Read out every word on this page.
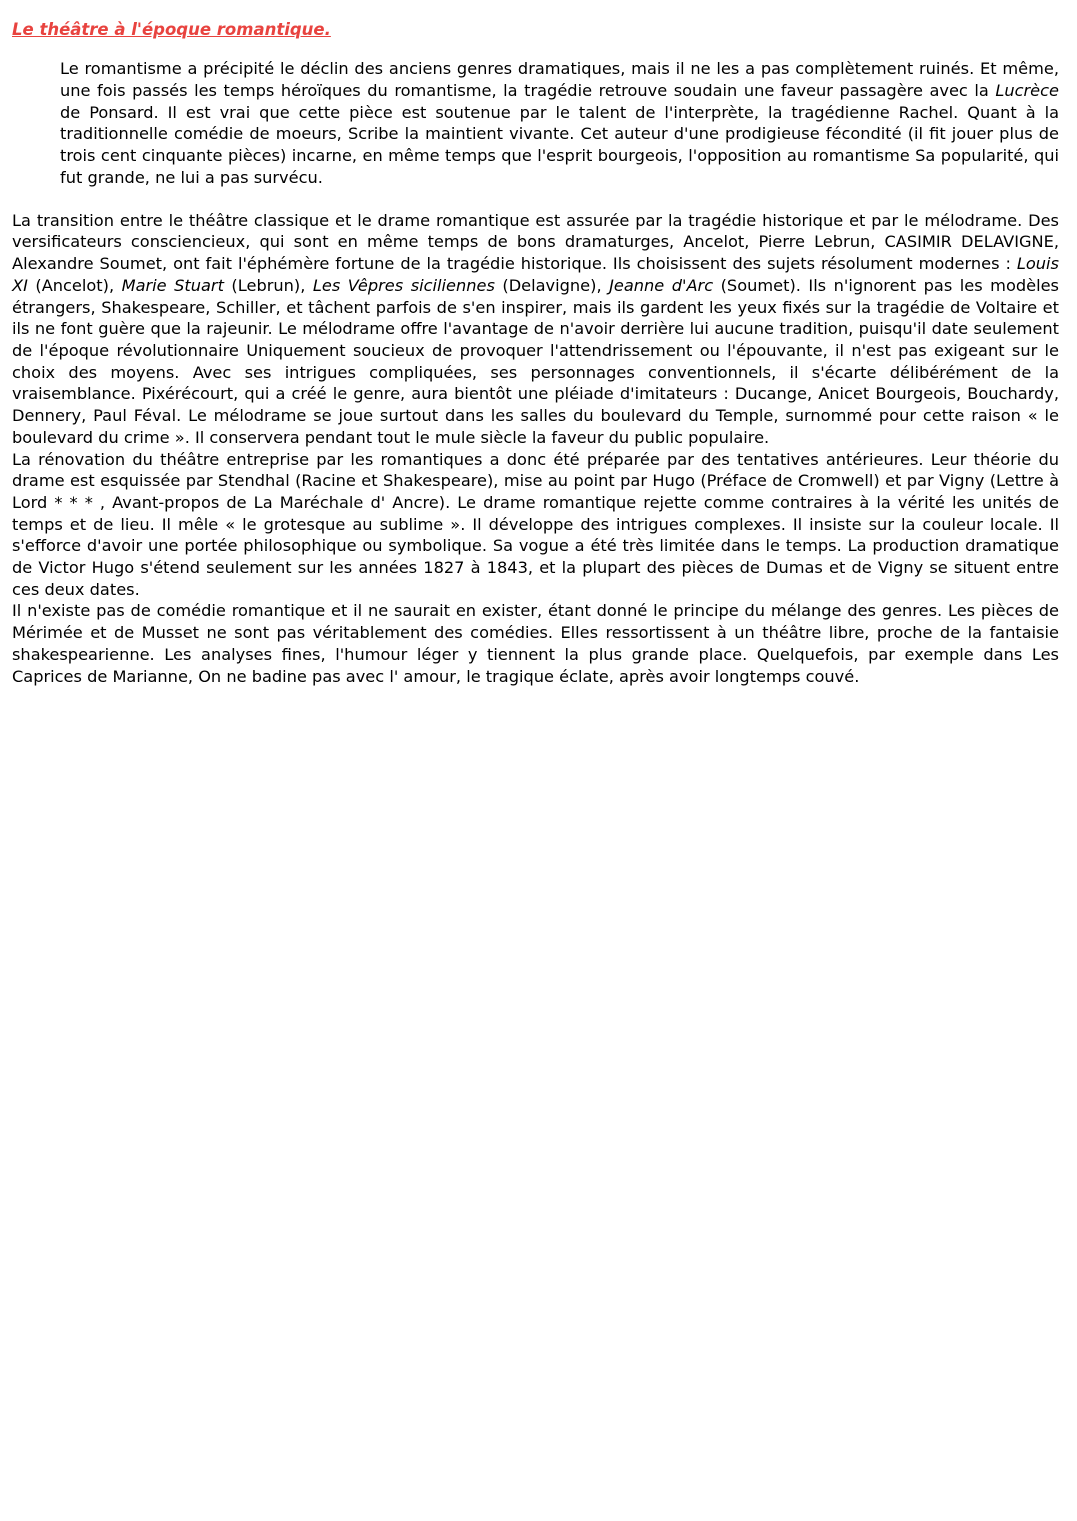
Le théâtre à l'époque romantique.

Le romantisme a précipité le déclin des anciens genres dramatiques, mais il ne les a pas complètement ruinés. Et même, une fois passés les temps héroïques du romantisme, la tragédie retrouve soudain une faveur passagère avec la Lucrèce de Ponsard. Il est vrai que cette pièce est soutenue par le talent de l'interprète, la tragédienne Rachel. Quant à la traditionnelle comédie de moeurs, Scribe la maintient vivante. Cet auteur d'une prodigieuse fécondité (il fit jouer plus de trois cent cinquante pièces) incarne, en même temps que l'esprit bourgeois, l'opposition au romantisme Sa popularité, qui fut grande, ne lui a pas survécu.

La transition entre le théâtre classique et le drame romantique est assurée par la tragédie historique et par le mélodrame. Des versificateurs consciencieux, qui sont en même temps de bons dramaturges, Ancelot, Pierre Lebrun, CASIMIR DELAVIGNE, Alexandre Soumet, ont fait l'éphémère fortune de la tragédie historique. Ils choisissent des sujets résolument modernes : Louis XI (Ancelot), Marie Stuart (Lebrun), Les Vêpres siciliennes (Delavigne), Jeanne d'Arc (Soumet). Ils n'ignorent pas les modèles étrangers, Shakespeare, Schiller, et tâchent parfois de s'en inspirer, mais ils gardent les yeux fixés sur la tragédie de Voltaire et ils ne font guère que la rajeunir. Le mélodrame offre l'avantage de n'avoir derrière lui aucune tradition, puisqu'il date seulement de l'époque révolutionnaire Uniquement soucieux de provoquer l'attendrissement ou l'épouvante, il n'est pas exigeant sur le choix des moyens. Avec ses intrigues compliquées, ses personnages conventionnels, il s'écarte délibérément de la vraisemblance. Pixérécourt, qui a créé le genre, aura bientôt une pléiade d'imitateurs : Ducange, Anicet Bourgeois, Bouchardy, Dennery, Paul Féval. Le mélodrame se joue surtout dans les salles du boulevard du Temple, surnommé pour cette raison « le boulevard du crime ». Il conservera pendant tout le mule siècle la faveur du public populaire.

La rénovation du théâtre entreprise par les romantiques a donc été préparée par des tentatives antérieures. Leur théorie du drame est esquissée par Stendhal (Racine et Shakespeare), mise au point par Hugo (Préface de Cromwell) et par Vigny (Lettre à Lord * * * , Avant-propos de La Maréchale d' Ancre). Le drame romantique rejette comme contraires à la vérité les unités de temps et de lieu. Il mêle « le grotesque au sublime ». Il développe des intrigues complexes. Il insiste sur la couleur locale. Il s'efforce d'avoir une portée philosophique ou symbolique. Sa vogue a été très limitée dans le temps. La production dramatique de Victor Hugo s'étend seulement sur les années 1827 à 1843, et la plupart des pièces de Dumas et de Vigny se situent entre ces deux dates.

Il n'existe pas de comédie romantique et il ne saurait en exister, étant donné le principe du mélange des genres. Les pièces de Mérimée et de Musset ne sont pas véritablement des comédies. Elles ressortissent à un théâtre libre, proche de la fantaisie shakespearienne. Les analyses fines, l'humour léger y tiennent la plus grande place. Quelquefois, par exemple dans Les Caprices de Marianne, On ne badine pas avec l' amour, le tragique éclate, après avoir longtemps couvé.
